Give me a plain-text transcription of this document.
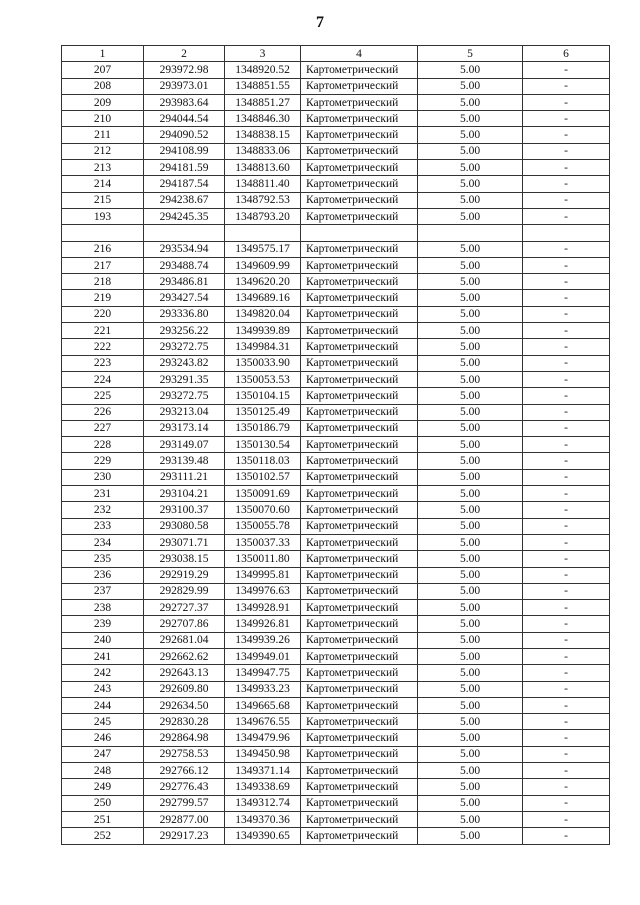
7
1	2	3	4	5	6
207	293972.98	1348920.52	Картометрический	5.00	-
208	293973.01	1348851.55	Картометрический	5.00	-
209	293983.64	1348851.27	Картометрический	5.00	-
210	294044.54	1348846.30	Картометрический	5.00	-
211	294090.52	1348838.15	Картометрический	5.00	-
212	294108.99	1348833.06	Картометрический	5.00	-
213	294181.59	1348813.60	Картометрический	5.00	-
214	294187.54	1348811.40	Картометрический	5.00	-
215	294238.67	1348792.53	Картометрический	5.00	-
193	294245.35	1348793.20	Картометрический	5.00	-

216	293534.94	1349575.17	Картометрический	5.00	-
217	293488.74	1349609.99	Картометрический	5.00	-
218	293486.81	1349620.20	Картометрический	5.00	-
219	293427.54	1349689.16	Картометрический	5.00	-
220	293336.80	1349820.04	Картометрический	5.00	-
221	293256.22	1349939.89	Картометрический	5.00	-
222	293272.75	1349984.31	Картометрический	5.00	-
223	293243.82	1350033.90	Картометрический	5.00	-
224	293291.35	1350053.53	Картометрический	5.00	-
225	293272.75	1350104.15	Картометрический	5.00	-
226	293213.04	1350125.49	Картометрический	5.00	-
227	293173.14	1350186.79	Картометрический	5.00	-
228	293149.07	1350130.54	Картометрический	5.00	-
229	293139.48	1350118.03	Картометрический	5.00	-
230	293111.21	1350102.57	Картометрический	5.00	-
231	293104.21	1350091.69	Картометрический	5.00	-
232	293100.37	1350070.60	Картометрический	5.00	-
233	293080.58	1350055.78	Картометрический	5.00	-
234	293071.71	1350037.33	Картометрический	5.00	-
235	293038.15	1350011.80	Картометрический	5.00	-
236	292919.29	1349995.81	Картометрический	5.00	-
237	292829.99	1349976.63	Картометрический	5.00	-
238	292727.37	1349928.91	Картометрический	5.00	-
239	292707.86	1349926.81	Картометрический	5.00	-
240	292681.04	1349939.26	Картометрический	5.00	-
241	292662.62	1349949.01	Картометрический	5.00	-
242	292643.13	1349947.75	Картометрический	5.00	-
243	292609.80	1349933.23	Картометрический	5.00	-
244	292634.50	1349665.68	Картометрический	5.00	-
245	292830.28	1349676.55	Картометрический	5.00	-
246	292864.98	1349479.96	Картометрический	5.00	-
247	292758.53	1349450.98	Картометрический	5.00	-
248	292766.12	1349371.14	Картометрический	5.00	-
249	292776.43	1349338.69	Картометрический	5.00	-
250	292799.57	1349312.74	Картометрический	5.00	-
251	292877.00	1349370.36	Картометрический	5.00	-
252	292917.23	1349390.65	Картометрический	5.00	-
